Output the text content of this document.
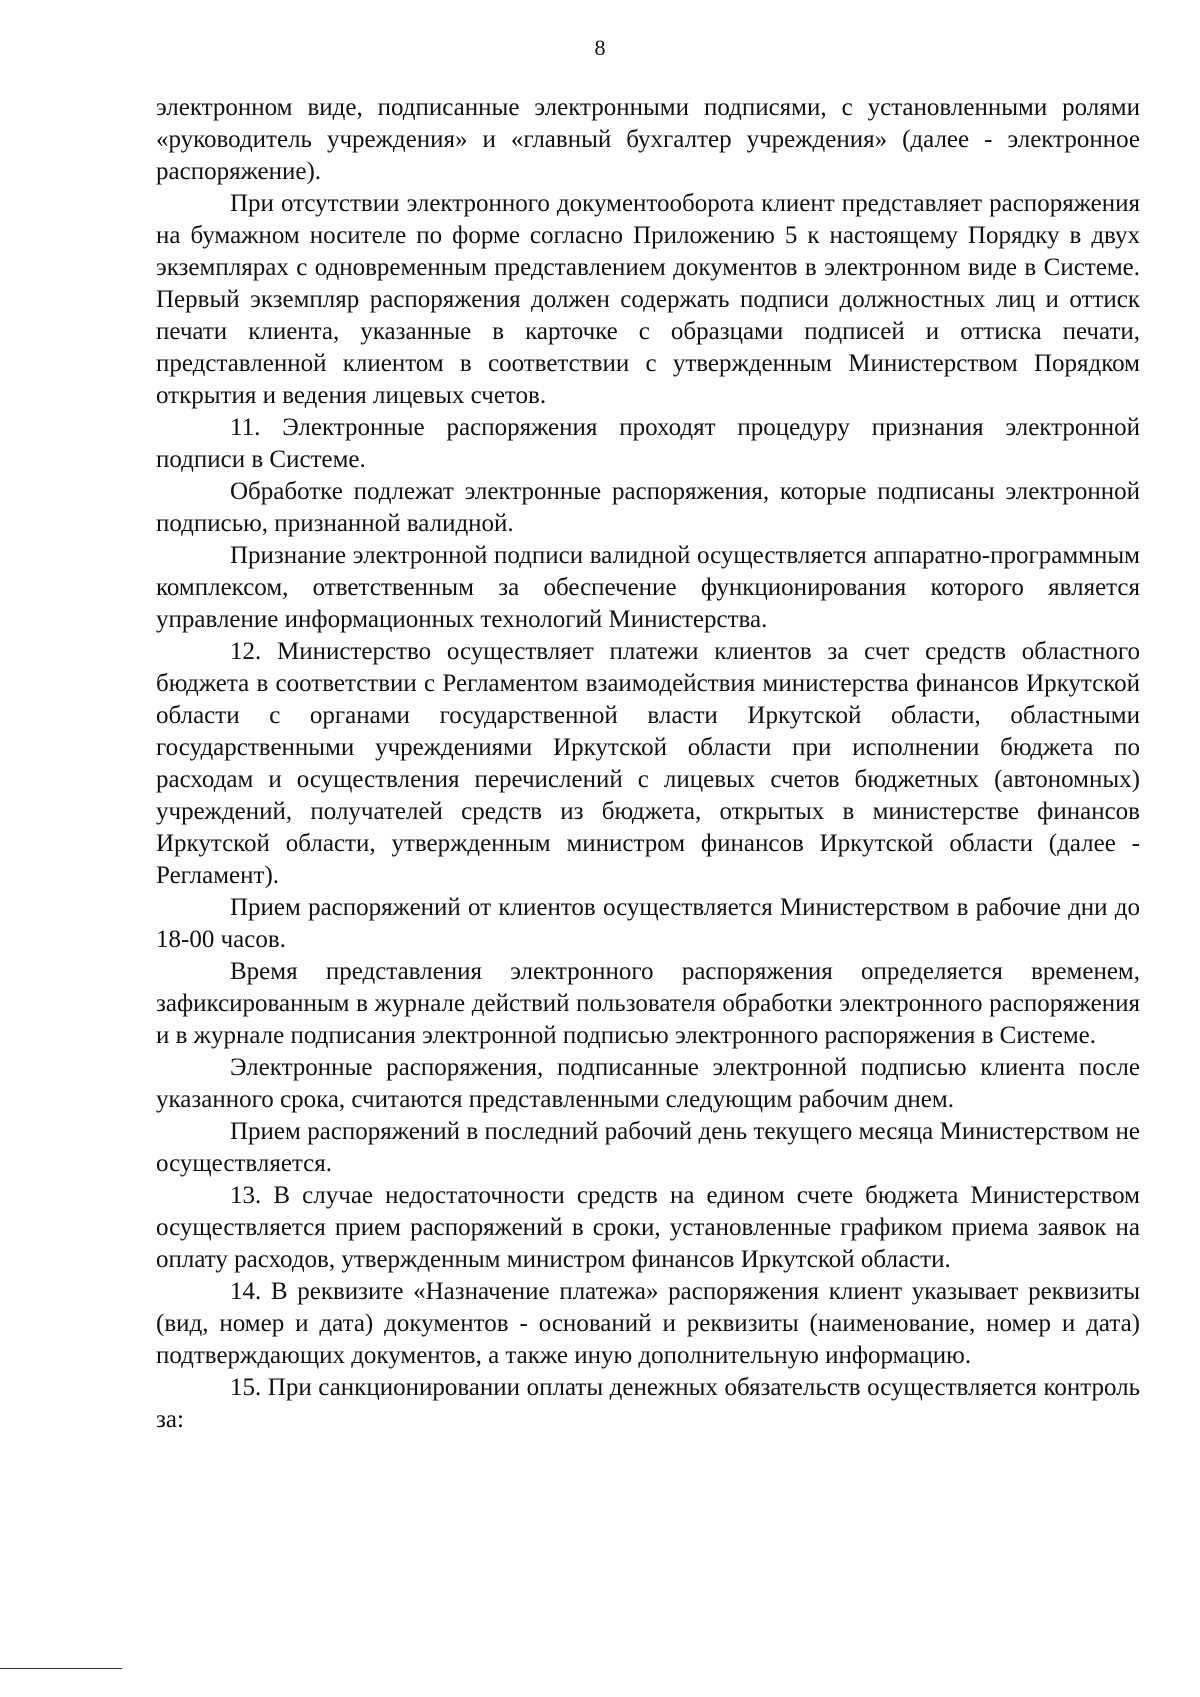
8

электронном виде, подписанные электронными подписями, с установленными ролями «руководитель учреждения» и «главный бухгалтер учреждения» (далее - электронное распоряжение).

При отсутствии электронного документооборота клиент представляет распоряжения на бумажном носителе по форме согласно Приложению 5 к настоящему Порядку в двух экземплярах с одновременным представлением документов в электронном виде в Системе. Первый экземпляр распоряжения должен содержать подписи должностных лиц и оттиск печати клиента, указанные в карточке с образцами подписей и оттиска печати, представленной клиентом в соответствии с утвержденным Министерством Порядком открытия и ведения лицевых счетов.

11. Электронные распоряжения проходят процедуру признания электронной подписи в Системе.

Обработке подлежат электронные распоряжения, которые подписаны электронной подписью, признанной валидной.

Признание электронной подписи валидной осуществляется аппаратно-программным комплексом, ответственным за обеспечение функционирования которого является управление информационных технологий Министерства.

12. Министерство осуществляет платежи клиентов за счет средств областного бюджета в соответствии с Регламентом взаимодействия министерства финансов Иркутской области с органами государственной власти Иркутской области, областными государственными учреждениями Иркутской области при исполнении бюджета по расходам и осуществления перечислений с лицевых счетов бюджетных (автономных) учреждений, получателей средств из бюджета, открытых в министерстве финансов Иркутской области, утвержденным министром финансов Иркутской области (далее - Регламент).

Прием распоряжений от клиентов осуществляется Министерством в рабочие дни до 18-00 часов.

Время представления электронного распоряжения определяется временем, зафиксированным в журнале действий пользователя обработки электронного распоряжения и в журнале подписания электронной подписью электронного распоряжения в Системе.

Электронные распоряжения, подписанные электронной подписью клиента после указанного срока, считаются представленными следующим рабочим днем.

Прием распоряжений в последний рабочий день текущего месяца Министерством не осуществляется.

13. В случае недостаточности средств на едином счете бюджета Министерством осуществляется прием распоряжений в сроки, установленные графиком приема заявок на оплату расходов, утвержденным министром финансов Иркутской области.

14. В реквизите «Назначение платежа» распоряжения клиент указывает реквизиты (вид, номер и дата) документов - оснований и реквизиты (наименование, номер и дата) подтверждающих документов, а также иную дополнительную информацию.

15. При санкционировании оплаты денежных обязательств осуществляется контроль за:
